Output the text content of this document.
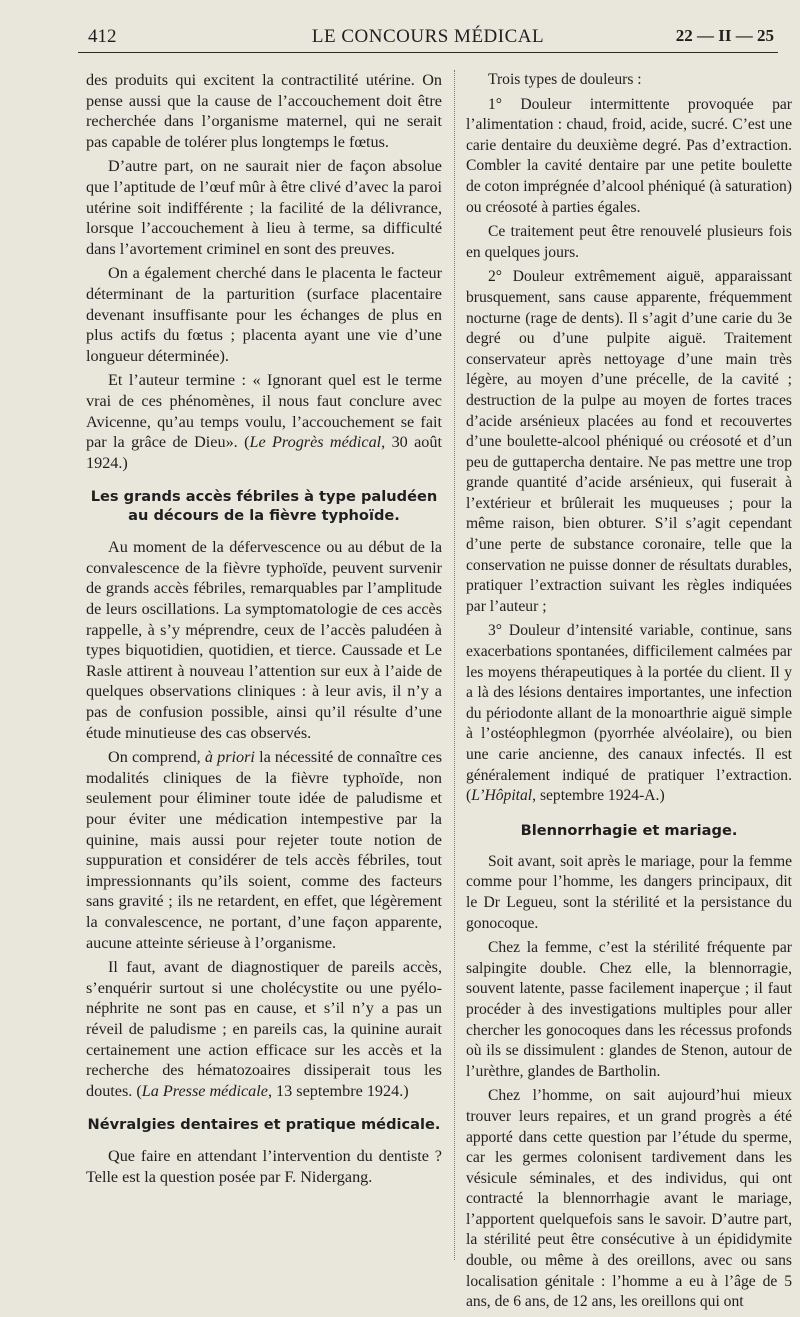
412	LE CONCOURS MÉDICAL	22 — II — 25

des produits qui excitent la contractilité utérine. On pense aussi que la cause de l’accouchement doit être recherchée dans l’organisme maternel, qui ne serait pas capable de tolérer plus longtemps le fœtus.

D’autre part, on ne saurait nier de façon absolue que l’aptitude de l’œuf mûr à être clivé d’avec la paroi utérine soit indifférente ; la facilité de la délivrance, lorsque l’accouchement à lieu à terme, sa difficulté dans l’avortement criminel en sont des preuves.

On a également cherché dans le placenta le facteur déterminant de la parturition (surface placentaire devenant insuffisante pour les échanges de plus en plus actifs du fœtus ; placenta ayant une vie d’une longueur déterminée).

Et l’auteur termine : « Ignorant quel est le terme vrai de ces phénomènes, il nous faut conclure avec Avicenne, qu’au temps voulu, l’accouchement se fait par la grâce de Dieu». (Le Progrès médical, 30 août 1924.)

Les grands accès fébriles à type paludéen au décours de la fièvre typhoïde.

Au moment de la défervescence ou au début de la convalescence de la fièvre typhoïde, peuvent survenir de grands accès fébriles, remarquables par l’amplitude de leurs oscillations. La symptomatologie de ces accès rappelle, à s’y méprendre, ceux de l’accès paludéen à types biquotidien, quotidien, et tierce. Caussade et Le Rasle attirent à nouveau l’attention sur eux à l’aide de quelques observations cliniques : à leur avis, il n’y a pas de confusion possible, ainsi qu’il résulte d’une étude minutieuse des cas observés.

On comprend, à priori la nécessité de connaître ces modalités cliniques de la fièvre typhoïde, non seulement pour éliminer toute idée de paludisme et pour éviter une médication intempestive par la quinine, mais aussi pour rejeter toute notion de suppuration et considérer de tels accès fébriles, tout impressionnants qu’ils soient, comme des facteurs sans gravité ; ils ne retardent, en effet, que légèrement la convalescence, ne portant, d’une façon apparente, aucune atteinte sérieuse à l’organisme.

Il faut, avant de diagnostiquer de pareils accès, s’enquérir surtout si une cholécystite ou une pyélo-néphrite ne sont pas en cause, et s’il n’y a pas un réveil de paludisme ; en pareils cas, la quinine aurait certainement une action efficace sur les accès et la recherche des hématozoaires dissiperait tous les doutes. (La Presse médicale, 13 septembre 1924.)

Névralgies dentaires et pratique médicale.

Que faire en attendant l’intervention du dentiste ? Telle est la question posée par F. Nidergang.

Trois types de douleurs :

1° Douleur intermittente provoquée par l’alimentation : chaud, froid, acide, sucré. C’est une carie dentaire du deuxième degré. Pas d’extraction. Combler la cavité dentaire par une petite boulette de coton imprégnée d’alcool phéniqué (à saturation) ou créosoté à parties égales.

Ce traitement peut être renouvelé plusieurs fois en quelques jours.

2° Douleur extrêmement aiguë, apparaissant brusquement, sans cause apparente, fréquemment nocturne (rage de dents). Il s’agit d’une carie du 3e degré ou d’une pulpite aiguë. Traitement conservateur après nettoyage d’une main très légère, au moyen d’une précelle, de la cavité ; destruction de la pulpe au moyen de fortes traces d’acide arsénieux placées au fond et recouvertes d’une boulette-alcool phéniqué ou créosoté et d’un peu de guttapercha dentaire. Ne pas mettre une trop grande quantité d’acide arsénieux, qui fuserait à l’extérieur et brûlerait les muqueuses ; pour la même raison, bien obturer. S’il s’agit cependant d’une perte de substance coronaire, telle que la conservation ne puisse donner de résultats durables, pratiquer l’extraction suivant les règles indiquées par l’auteur ;

3° Douleur d’intensité variable, continue, sans exacerbations spontanées, difficilement calmées par les moyens thérapeutiques à la portée du client. Il y a là des lésions dentaires importantes, une infection du périodonte allant de la monoarthrie aiguë simple à l’ostéophlegmon (pyorrhée alvéolaire), ou bien une carie ancienne, des canaux infectés. Il est généralement indiqué de pratiquer l’extraction. (L’Hôpital, septembre 1924-A.)

Blennorrhagie et mariage.

Soit avant, soit après le mariage, pour la femme comme pour l’homme, les dangers principaux, dit le Dr Legueu, sont la stérilité et la persistance du gonocoque.

Chez la femme, c’est la stérilité fréquente par salpingite double. Chez elle, la blennorragie, souvent latente, passe facilement inaperçue ; il faut procéder à des investigations multiples pour aller chercher les gonocoques dans les récessus profonds où ils se dissimulent : glandes de Stenon, autour de l’urèthre, glandes de Bartholin.

Chez l’homme, on sait aujourd’hui mieux trouver leurs repaires, et un grand progrès a été apporté dans cette question par l’étude du sperme, car les germes colonisent tardivement dans les vésicule séminales, et des individus, qui ont contracté la blennorrhagie avant le mariage, l’apportent quelquefois sans le savoir. D’autre part, la stérilité peut être consécutive à un épididymite double, ou même à des oreillons, avec ou sans localisation génitale : l’homme a eu à l’âge de 5 ans, de 6 ans, de 12 ans, les oreillons qui ont
